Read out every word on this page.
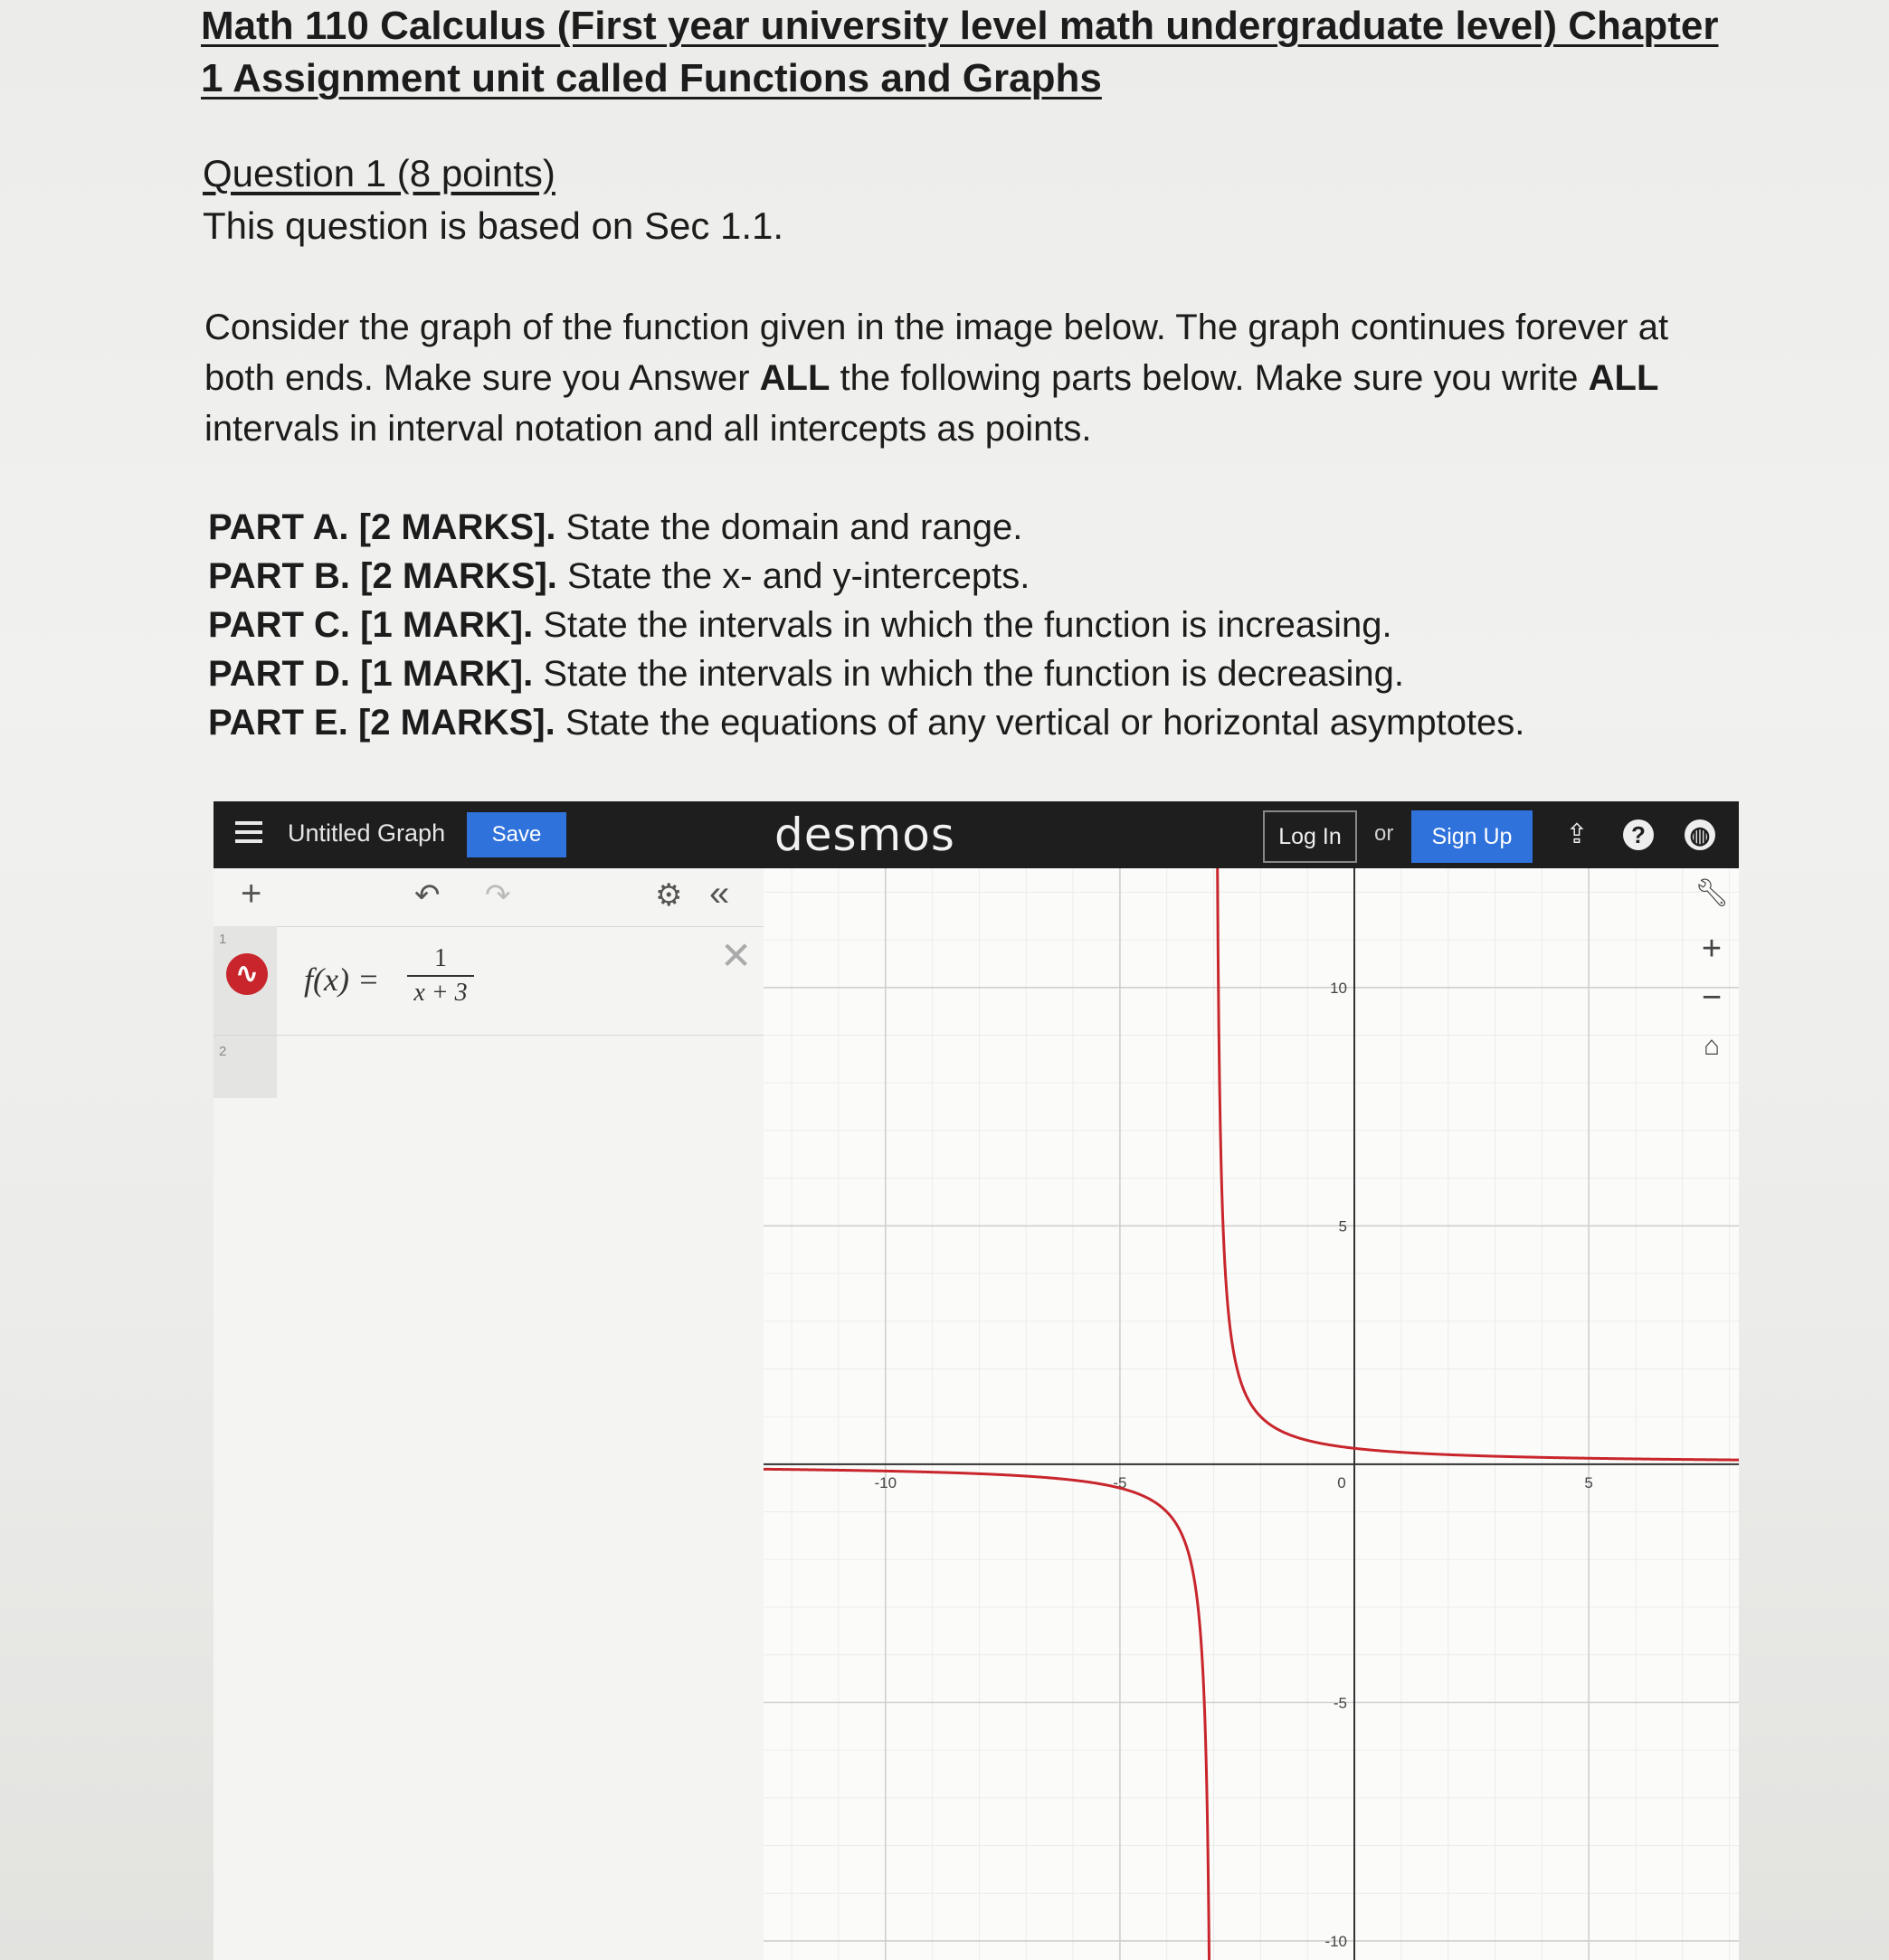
Math 110 Calculus (First year university level math undergraduate level) Chapter 1 Assignment unit called Functions and Graphs
Question 1 (8 points)
This question is based on Sec 1.1.
Consider the graph of the function given in the image below. The graph continues forever at both ends. Make sure you Answer ALL the following parts below. Make sure you write ALL intervals in interval notation and all intercepts as points.
PART A. [2 MARKS]. State the domain and range.
PART B. [2 MARKS]. State the x- and y-intercepts.
PART C. [1 MARK]. State the intervals in which the function is increasing.
PART D. [1 MARK]. State the intervals in which the function is decreasing.
PART E. [2 MARKS]. State the equations of any vertical or horizontal asymptotes.
Untitled Graph	Save	desmos	Log In	or	Sign Up	⇪	?	◍
+	↶ ↷	⚙ «
1
2
∿ f(x) =
1
x + 3
✕
-10	-5	0	5
10
5
-5
-10
🔧︎
+
−
⌂
